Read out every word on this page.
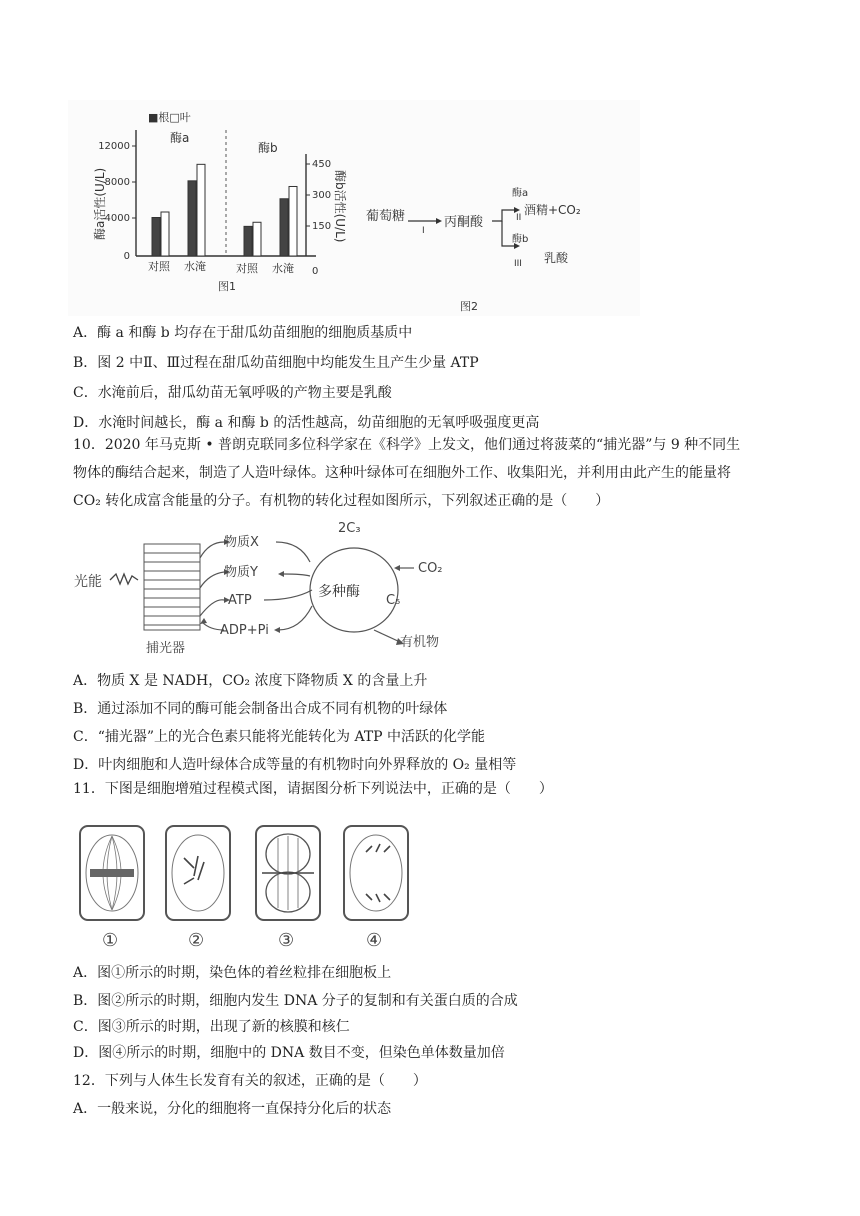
■根□叶
酶a
酶b
12000
8000
4000
0
450
300
150
0
酶a活性(U/L)	酶b活性(U/L)
对照 水淹	对照 水淹
图1
葡萄糖
I
丙酮酸
酶a
II
酒精+CO₂
酶b
III 乳酸
图2
A．酶 a 和酶 b 均存在于甜瓜幼苗细胞的细胞质基质中
B．图 2 中Ⅱ、Ⅲ过程在甜瓜幼苗细胞中均能发生且产生少量 ATP
C．水淹前后，甜瓜幼苗无氧呼吸的产物主要是乳酸
D．水淹时间越长，酶 a 和酶 b 的活性越高，幼苗细胞的无氧呼吸强度更高
10．2020 年马克斯 • 普朗克联同多位科学家在《科学》上发文，他们通过将菠菜的“捕光器”与 9 种不同生
物体的酶结合起来，制造了人造叶绿体。这种叶绿体可在细胞外工作、收集阳光，并利用由此产生的能量将
CO₂ 转化成富含能量的分子。有机物的转化过程如图所示，下列叙述正确的是（　　）
光能
捕光器
物质X
物质Y
ATP
ADP+Pi
多种酶
2C₃
C₅
CO₂
有机物
A．物质 X 是 NADH，CO₂ 浓度下降物质 X 的含量上升
B．通过添加不同的酶可能会制备出合成不同有机物的叶绿体
C．“捕光器”上的光合色素只能将光能转化为 ATP 中活跃的化学能
D．叶肉细胞和人造叶绿体合成等量的有机物时向外界释放的 O₂ 量相等
11．下图是细胞增殖过程模式图，请据图分析下列说法中，正确的是（　　）
①	②	③	④
A．图①所示的时期，染色体的着丝粒排在细胞板上
B．图②所示的时期，细胞内发生 DNA 分子的复制和有关蛋白质的合成
C．图③所示的时期，出现了新的核膜和核仁
D．图④所示的时期，细胞中的 DNA 数目不变，但染色单体数量加倍
12．下列与人体生长发育有关的叙述，正确的是（　　）
A．一般来说，分化的细胞将一直保持分化后的状态
